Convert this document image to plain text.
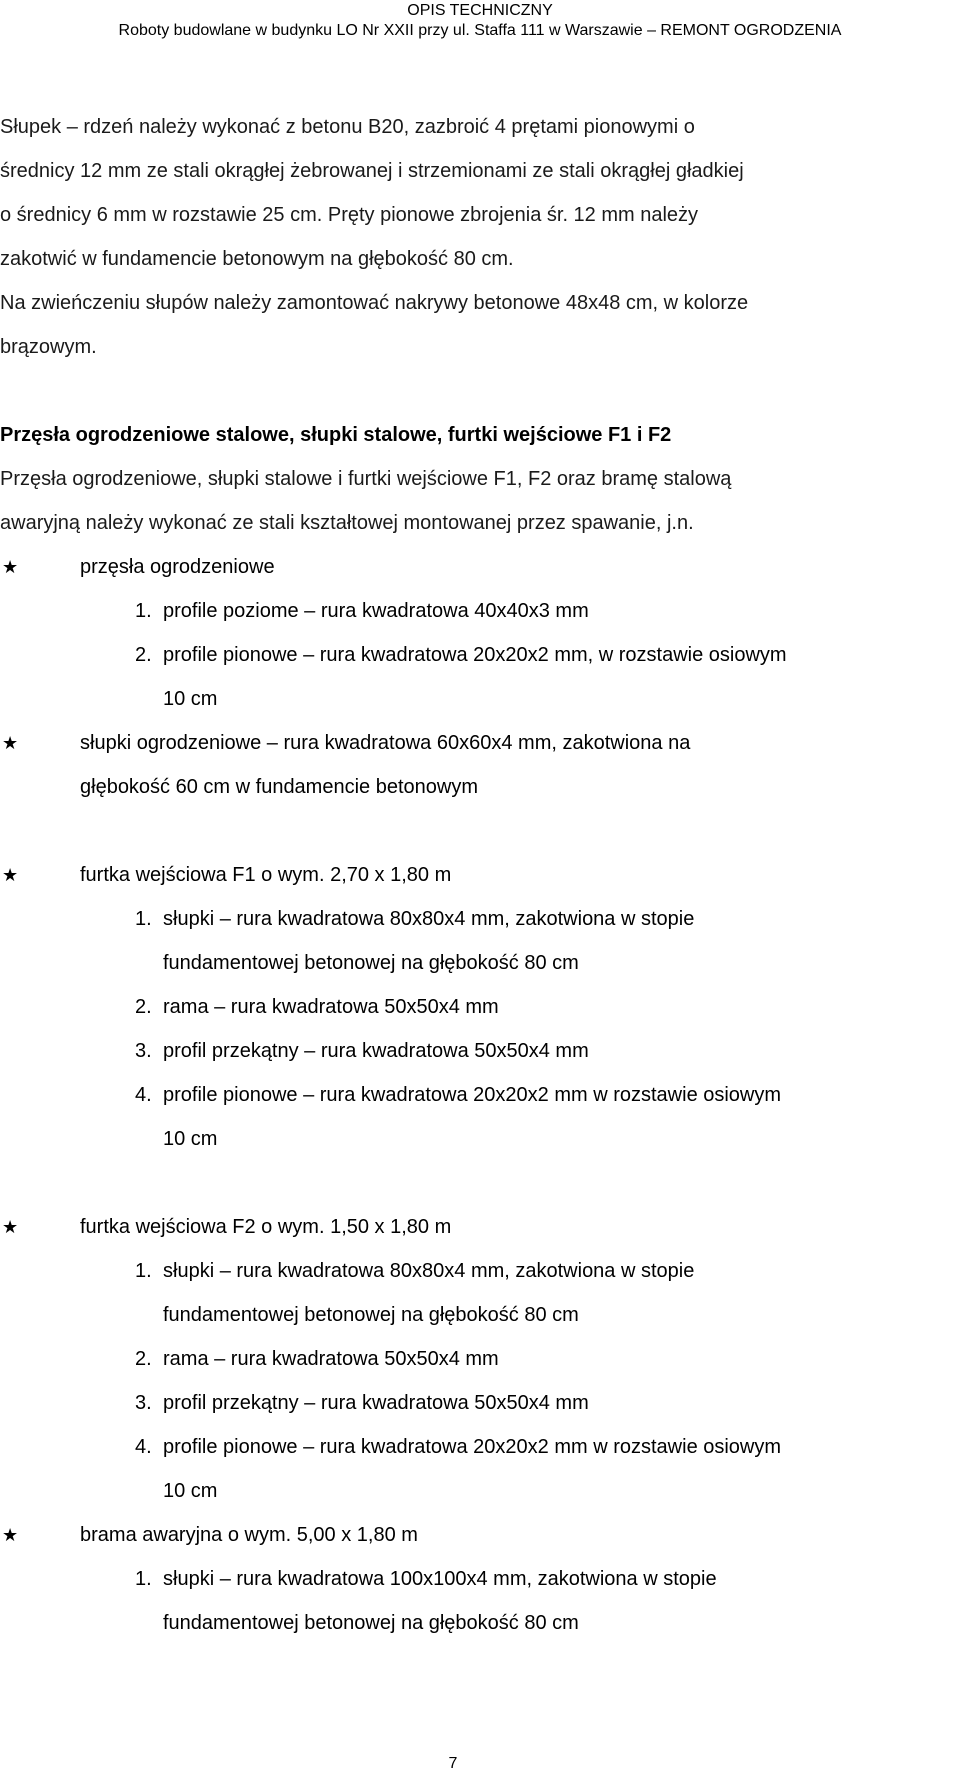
OPIS TECHNICZNY
Roboty budowlane w budynku LO Nr XXII przy ul. Staffa 111 w Warszawie – REMONT OGRODZENIA
Słupek – rdzeń należy wykonać z betonu B20, zazbroić 4 prętami pionowymi o
średnicy 12 mm ze stali okrągłej żebrowanej i strzemionami ze stali okrągłej gładkiej
o średnicy 6 mm w rozstawie 25 cm. Pręty pionowe zbrojenia śr. 12 mm należy
zakotwić w fundamencie betonowym na głębokość 80 cm.
Na zwieńczeniu słupów należy zamontować nakrywy betonowe 48x48 cm, w kolorze
brązowym.
Przęsła ogrodzeniowe stalowe, słupki stalowe, furtki wejściowe F1 i F2
Przęsła ogrodzeniowe, słupki stalowe i furtki wejściowe F1, F2 oraz bramę stalową
awaryjną należy wykonać ze stali kształtowej montowanej przez spawanie, j.n.
★	przęsła ogrodzeniowe
1. profile poziome – rura kwadratowa 40x40x3 mm
2. profile pionowe – rura kwadratowa 20x20x2 mm, w rozstawie osiowym
10 cm
★	słupki ogrodzeniowe – rura kwadratowa 60x60x4 mm, zakotwiona na
głębokość 60 cm w fundamencie betonowym
★	furtka wejściowa F1 o wym. 2,70 x 1,80 m
1. słupki – rura kwadratowa 80x80x4 mm, zakotwiona w stopie
fundamentowej betonowej na głębokość 80 cm
2. rama – rura kwadratowa 50x50x4 mm
3. profil przekątny – rura kwadratowa 50x50x4 mm
4. profile pionowe – rura kwadratowa 20x20x2 mm w rozstawie osiowym
10 cm
★	furtka wejściowa F2 o wym. 1,50 x 1,80 m
1. słupki – rura kwadratowa 80x80x4 mm, zakotwiona w stopie
fundamentowej betonowej na głębokość 80 cm
2. rama – rura kwadratowa 50x50x4 mm
3. profil przekątny – rura kwadratowa 50x50x4 mm
4. profile pionowe – rura kwadratowa 20x20x2 mm w rozstawie osiowym
10 cm
★	brama awaryjna o wym. 5,00 x 1,80 m
1. słupki – rura kwadratowa 100x100x4 mm, zakotwiona w stopie
fundamentowej betonowej na głębokość 80 cm
7
